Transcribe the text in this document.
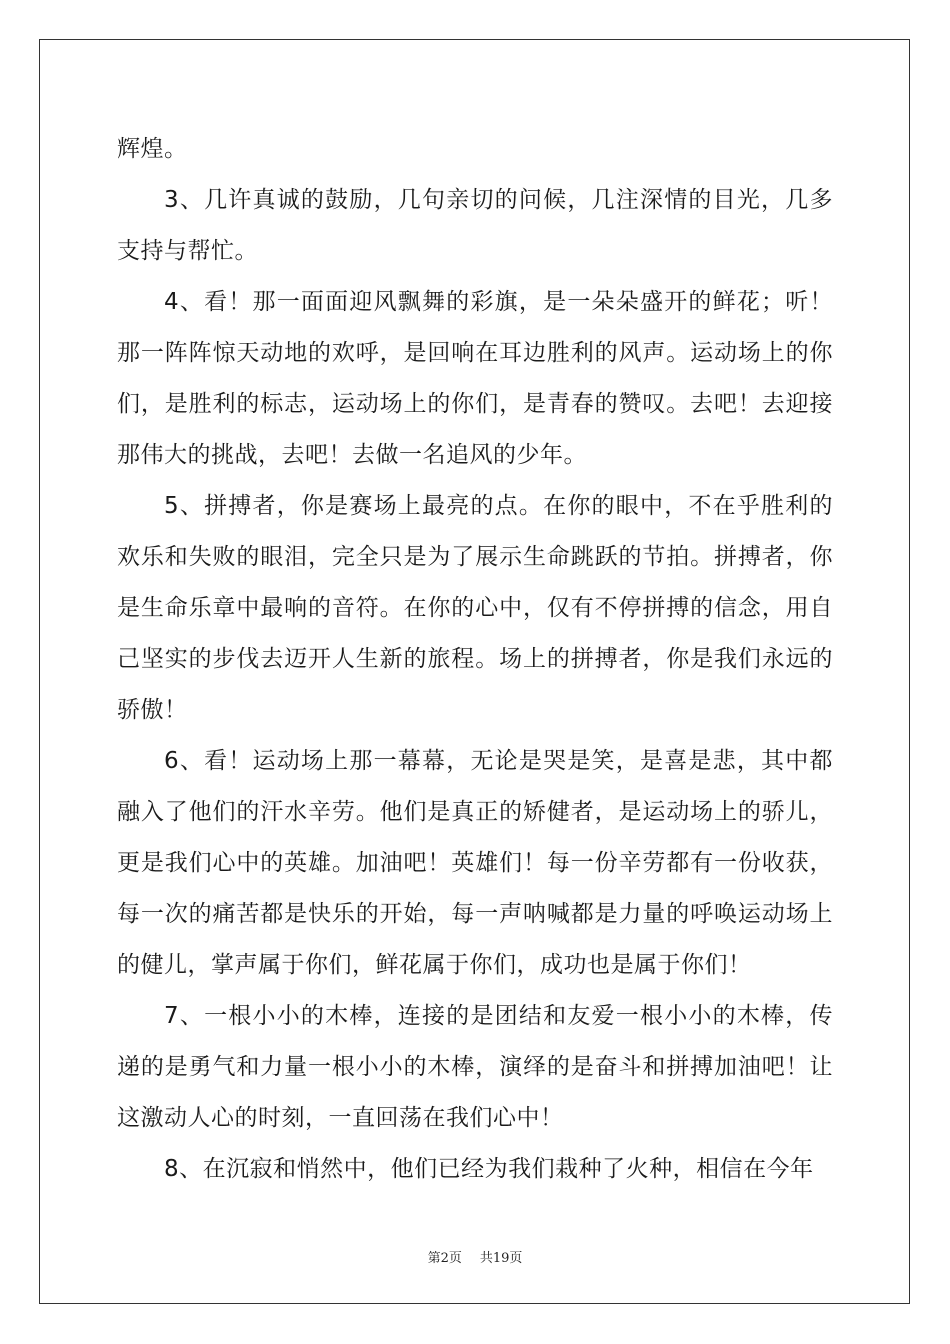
辉煌。

3、几许真诚的鼓励，几句亲切的问候，几注深情的目光，几多支持与帮忙。

4、看！那一面面迎风飘舞的彩旗，是一朵朵盛开的鲜花；听！那一阵阵惊天动地的欢呼，是回响在耳边胜利的风声。运动场上的你们，是胜利的标志，运动场上的你们，是青春的赞叹。去吧！去迎接那伟大的挑战，去吧！去做一名追风的少年。

5、拼搏者，你是赛场上最亮的点。在你的眼中，不在乎胜利的欢乐和失败的眼泪，完全只是为了展示生命跳跃的节拍。拼搏者，你是生命乐章中最响的音符。在你的心中，仅有不停拼搏的信念，用自己坚实的步伐去迈开人生新的旅程。场上的拼搏者，你是我们永远的骄傲！

6、看！运动场上那一幕幕，无论是哭是笑，是喜是悲，其中都融入了他们的汗水辛劳。他们是真正的矫健者，是运动场上的骄儿，更是我们心中的英雄。加油吧！英雄们！每一份辛劳都有一份收获，每一次的痛苦都是快乐的开始，每一声呐喊都是力量的呼唤运动场上的健儿，掌声属于你们，鲜花属于你们，成功也是属于你们！

7、一根小小的木棒，连接的是团结和友爱一根小小的木棒，传递的是勇气和力量一根小小的木棒，演绎的是奋斗和拼搏加油吧！让这激动人心的时刻，一直回荡在我们心中！

8、在沉寂和悄然中，他们已经为我们栽种了火种，相信在今年

第2页 共19页
